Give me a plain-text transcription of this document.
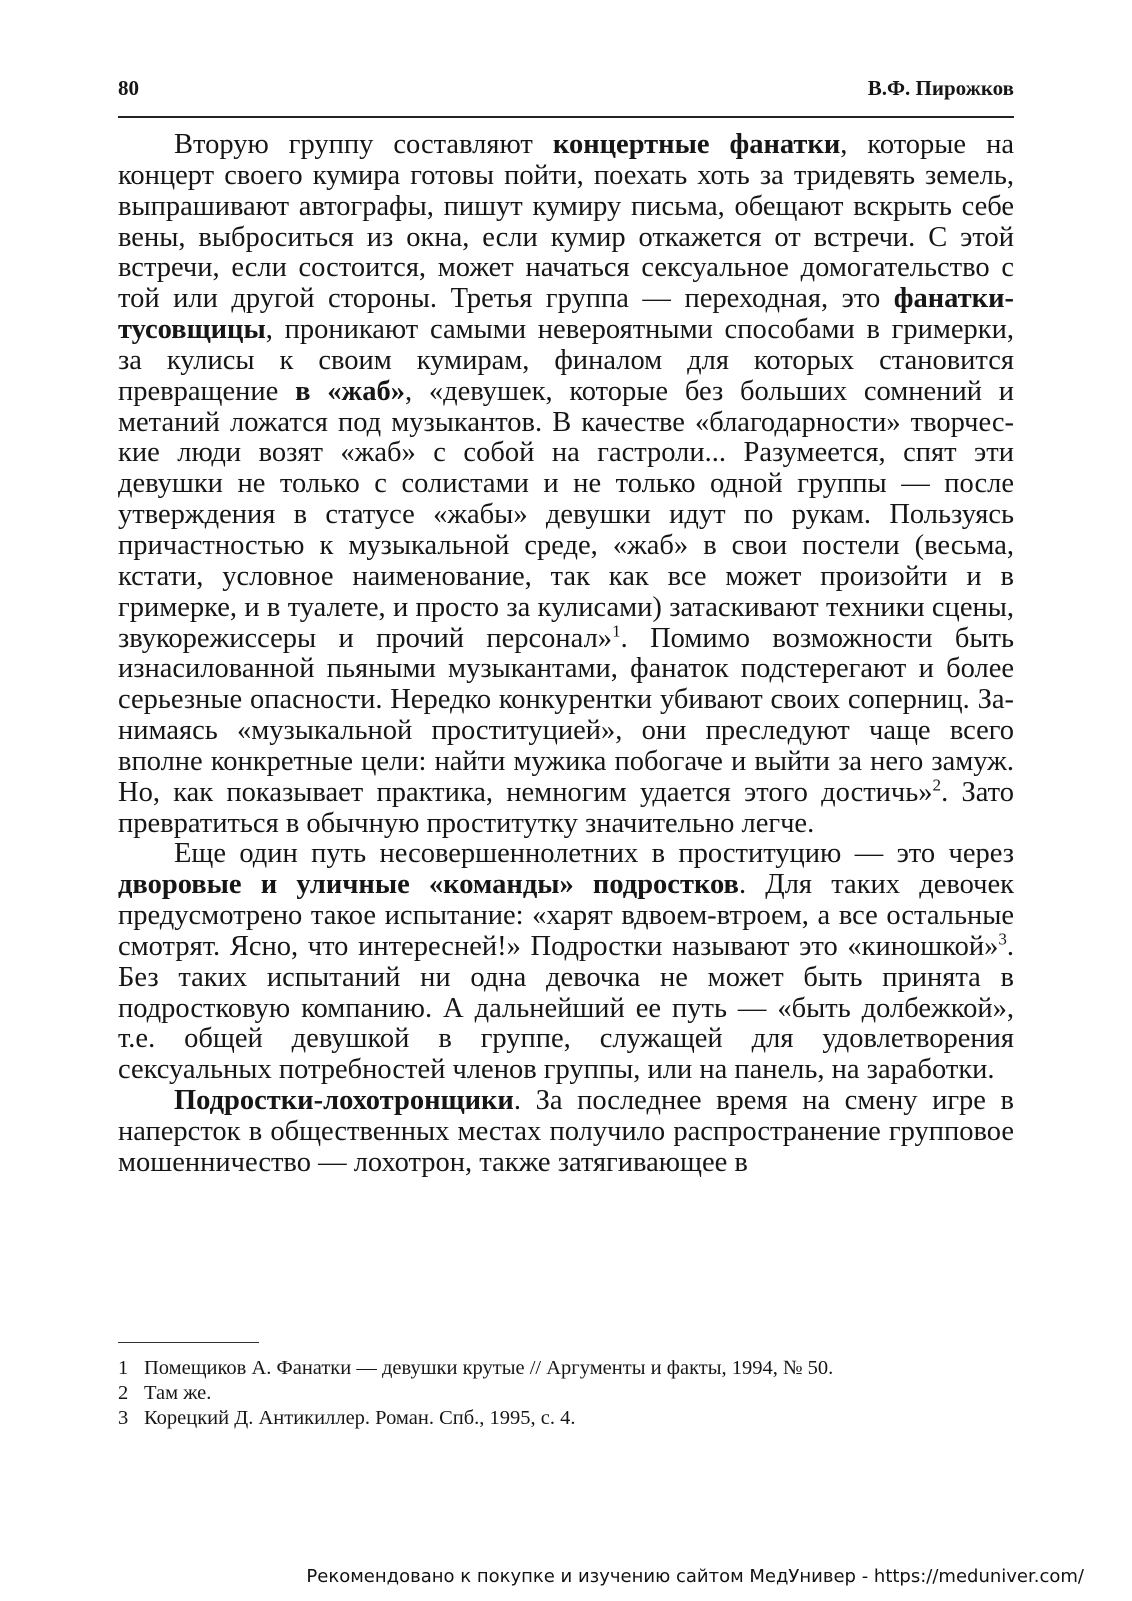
80	В.Ф. Пирожков

Вторую группу составляют концертные фанатки, которые на концерт своего кумира готовы пойти, поехать хоть за тридевять земель, выпрашивают автографы, пишут кумиру письма, обещают вскрыть себе вены, выброситься из окна, если кумир откажется от встречи. С этой встречи, если состоится, может начаться сексуальное домогательство с той или другой стороны. Третья группа — переходная, это фанатки-тусовщицы, проникают самыми невероятными способами в гримерки, за кулисы к своим кумирам, финалом для которых становится превращение в «жаб», «девушек, которые без больших сомнений и метаний ложатся под музыкантов. В качестве «благодарности» творческие люди возят «жаб» с собой на гастроли... Разумеется, спят эти девушки не только с солистами и не только одной группы — после утверждения в статусе «жабы» девушки идут по рукам. Пользуясь причастностью к музыкальной среде, «жаб» в свои постели (весьма, кстати, условное наименование, так как все может произойти и в гримерке, и в туалете, и просто за кулисами) затаскивают техники сцены, звукорежиссеры и прочий персонал»$^1$. Помимо возможности быть изнасилованной пьяными музыкантами, фанаток подстерегают и более серьезные опасности. Нередко конкурентки убивают своих соперниц. Занимаясь «музыкальной проституцией», они преследуют чаще всего вполне конкретные цели: найти мужика побогаче и выйти за него замуж. Но, как показывает практика, немногим удается этого достичь»$^2$. Зато превратиться в обычную проститутку значительно легче.

Еще один путь несовершеннолетних в проституцию — это через дворовые и уличные «команды» подростков. Для таких девочек предусмотрено такое испытание: «харят вдвоем-втроем, а все остальные смотрят. Ясно, что интересней!» Подростки называют это «киношкой»$^3$. Без таких испытаний ни одна девочка не может быть принята в подростковую компанию. А дальнейший ее путь — «быть долбежкой», т.е. общей девушкой в группе, служащей для удовлетворения сексуальных потребностей членов группы, или на панель, на заработки.

Подростки-лохотронщики. За последнее время на смену игре в наперсток в общественных местах получило распространение групповое мошенничество — лохотрон, также затягивающее в

1 Помещиков А. Фанатки — девушки крутые // Аргументы и факты, 1994, № 50.
2 Там же.
3 Корецкий Д. Антикиллер. Роман. Спб., 1995, с. 4.
Рекомендовано к покупке и изучению сайтом МедУнивер - https://meduniver.com/
